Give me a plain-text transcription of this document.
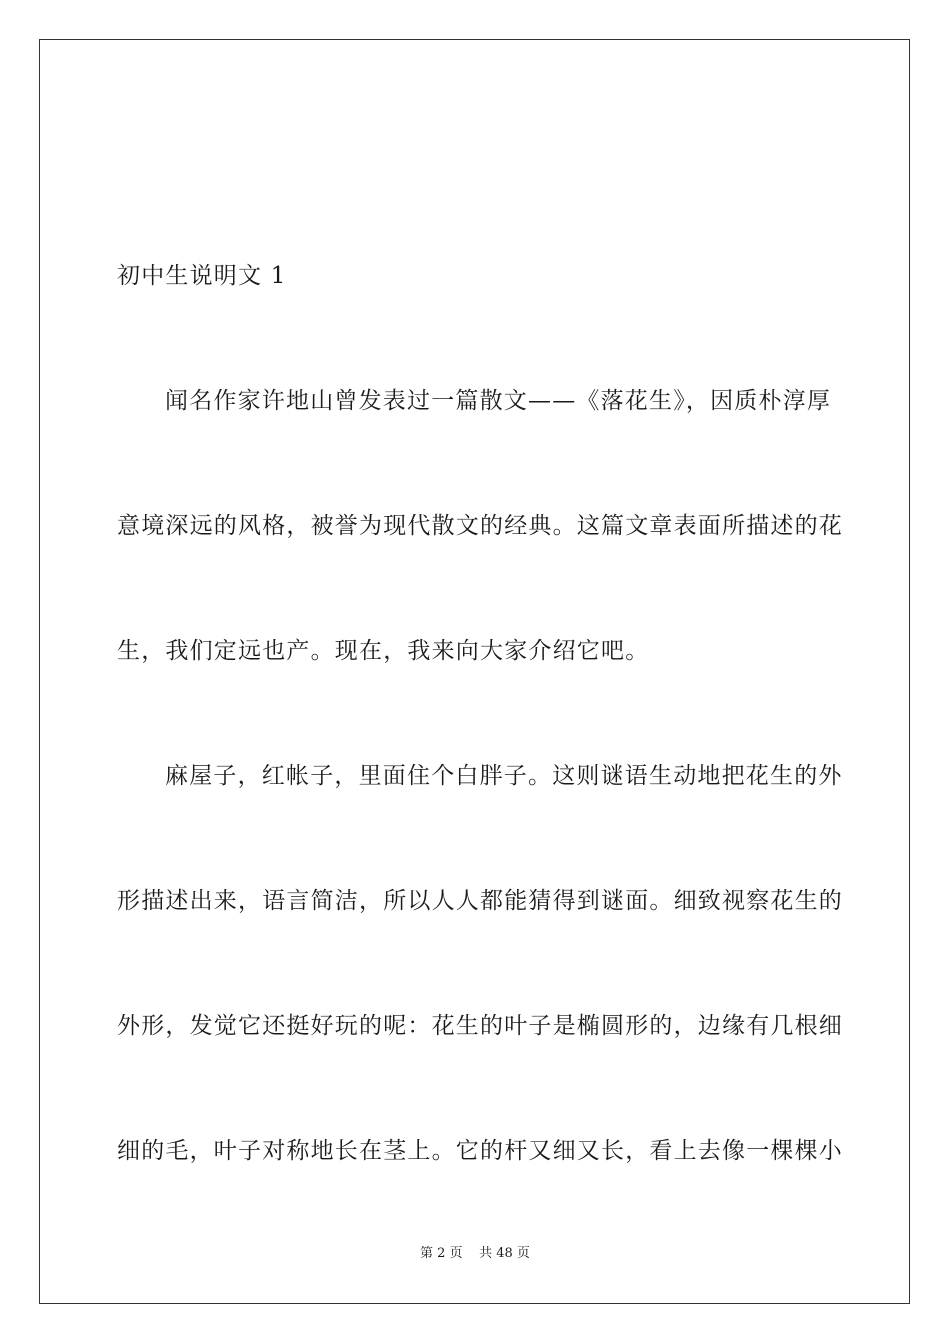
初中生说明文 1
闻名作家许地山曾发表过一篇散文——《落花生》，因质朴淳厚
意境深远的风格，被誉为现代散文的经典。这篇文章表面所描述的花
生，我们定远也产。现在，我来向大家介绍它吧。
麻屋子，红帐子，里面住个白胖子。这则谜语生动地把花生的外
形描述出来，语言简洁，所以人人都能猜得到谜面。细致视察花生的
外形，发觉它还挺好玩的呢：花生的叶子是椭圆形的，边缘有几根细
细的毛，叶子对称地长在茎上。它的杆又细又长，看上去像一棵棵小
第 2 页 共 48 页
